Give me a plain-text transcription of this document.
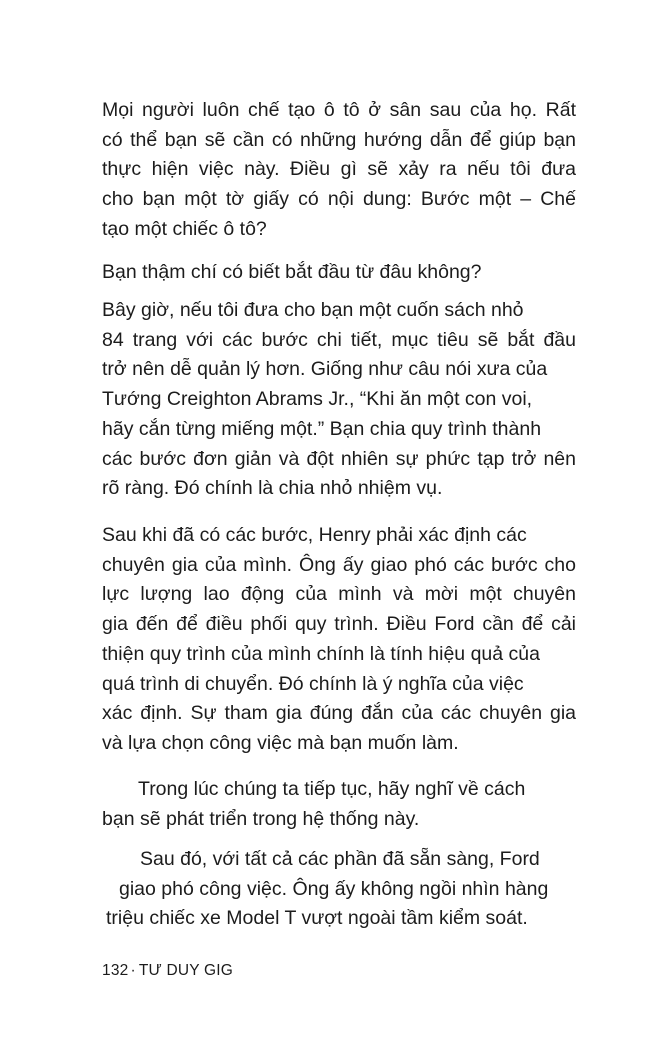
Mọi người luôn chế tạo ô tô ở sân sau của họ. Rất
có thể bạn sẽ cần có những hướng dẫn để giúp bạn
thực hiện việc này. Điều gì sẽ xảy ra nếu tôi đưa
cho bạn một tờ giấy có nội dung: Bước một – Chế
tạo một chiếc ô tô?

Bạn thậm chí có biết bắt đầu từ đâu không?

Bây giờ, nếu tôi đưa cho bạn một cuốn sách nhỏ
84 trang với các bước chi tiết, mục tiêu sẽ bắt đầu
trở nên dễ quản lý hơn. Giống như câu nói xưa của
Tướng Creighton Abrams Jr., “Khi ăn một con voi,
hãy cắn từng miếng một.” Bạn chia quy trình thành
các bước đơn giản và đột nhiên sự phức tạp trở nên
rõ ràng. Đó chính là chia nhỏ nhiệm vụ.

Sau khi đã có các bước, Henry phải xác định các
chuyên gia của mình. Ông ấy giao phó các bước cho
lực lượng lao động của mình và mời một chuyên
gia đến để điều phối quy trình. Điều Ford cần để cải
thiện quy trình của mình chính là tính hiệu quả của
quá trình di chuyển. Đó chính là ý nghĩa của việc
xác định. Sự tham gia đúng đắn của các chuyên gia
và lựa chọn công việc mà bạn muốn làm.

Trong lúc chúng ta tiếp tục, hãy nghĩ về cách
bạn sẽ phát triển trong hệ thống này.

Sau đó, với tất cả các phần đã sẵn sàng, Ford
giao phó công việc. Ông ấy không ngồi nhìn hàng
triệu chiếc xe Model T vượt ngoài tầm kiểm soát.

132 · TƯ DUY GIG
